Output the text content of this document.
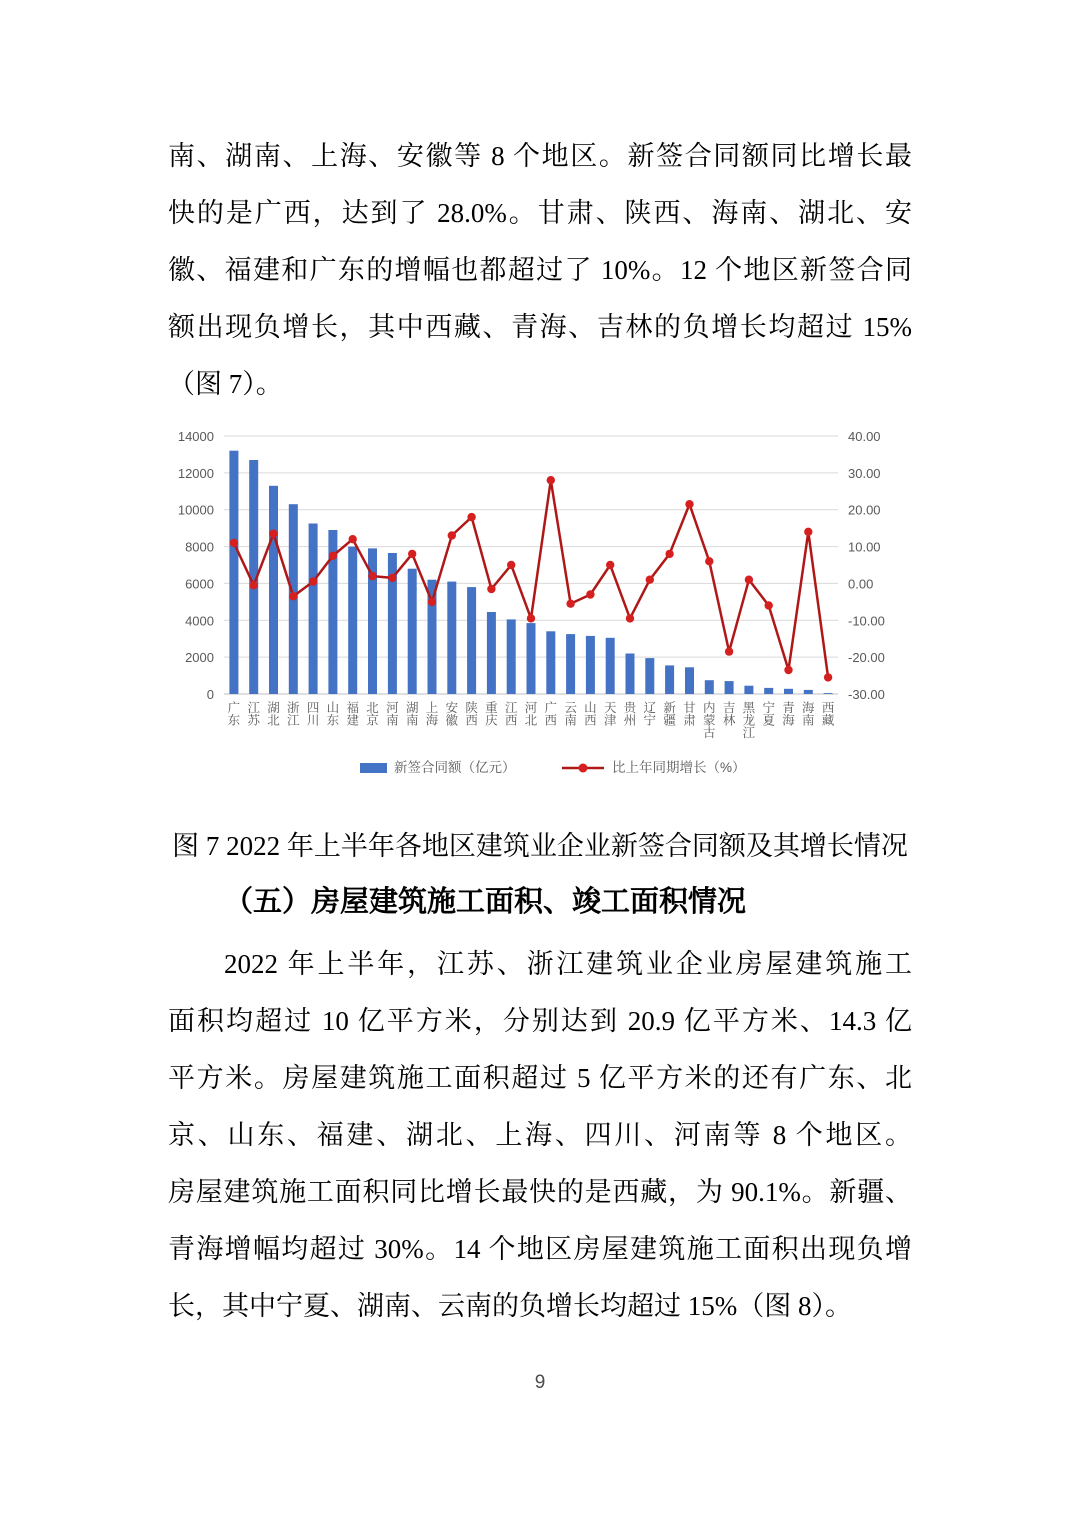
南、湖南、上海、安徽等 8 个地区。新签合同额同比增长最
快的是广西，达到了 28.0%。甘肃、陕西、海南、湖北、安
徽、福建和广东的增幅也都超过了 10%。12 个地区新签合同
额出现负增长，其中西藏、青海、吉林的负增长均超过 15%
（图 7）。
0
2000
4000
6000
8000
10000
12000
14000
-30.00
-20.00
-10.00
0.00
10.00
20.00
30.00
40.00
广东
江苏
湖北
浙江
四川
山东
福建
北京
河南
湖南
上海
安徽
陕西
重庆
江西
河北
广西
云南
山西
天津
贵州
辽宁
新疆
甘肃
内蒙古
吉林
黑龙江
宁夏
青海
海南
西藏
新签合同额（亿元）	比上年同期增长（%）
图 7 2022 年上半年各地区建筑业企业新签合同额及其增长情况
（五）房屋建筑施工面积、竣工面积情况
2022 年上半年，江苏、浙江建筑业企业房屋建筑施工
面积均超过 10 亿平方米，分别达到 20.9 亿平方米、14.3 亿
平方米。房屋建筑施工面积超过 5 亿平方米的还有广东、北
京、山东、福建、湖北、上海、四川、河南等 8 个地区。
房屋建筑施工面积同比增长最快的是西藏，为 90.1%。新疆、
青海增幅均超过 30%。14 个地区房屋建筑施工面积出现负增
长，其中宁夏、湖南、云南的负增长均超过 15%（图 8）。
9
